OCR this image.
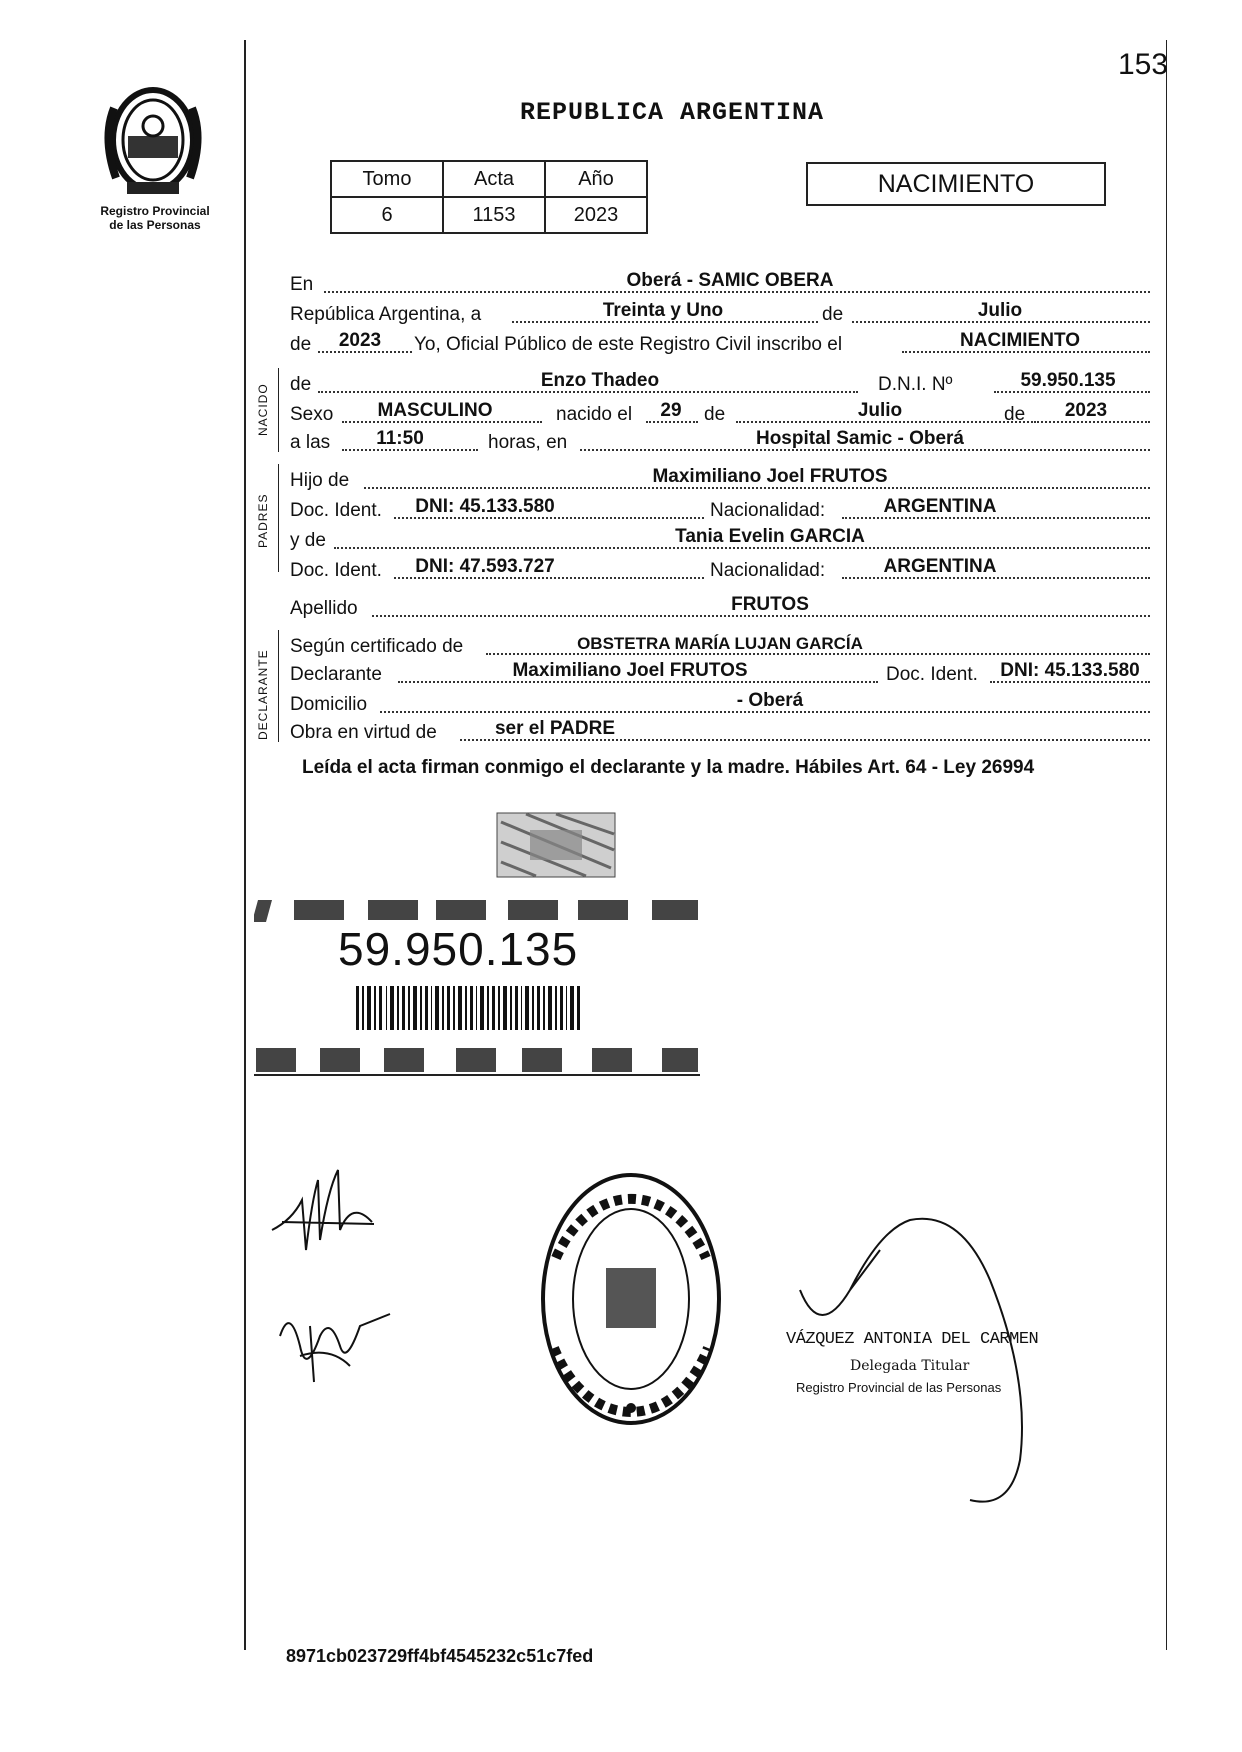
153
Registro Provincial
de las Personas
REPUBLICA ARGENTINA
Tomo	Acta	Año
6	1153	2023
NACIMIENTO
NACIDO
PADRES
DECLARANTE
En	Oberá - SAMIC OBERA
República Argentina, a	Treinta y Uno	de	Julio
de	2023	Yo, Oficial Público de este Registro Civil inscribo el	NACIMIENTO
de	Enzo Thadeo	D.N.I. Nº	59.950.135
Sexo	MASCULINO	nacido el	29	de	Julio	de	2023
a las	11:50	horas, en	Hospital Samic - Oberá
Hijo de	Maximiliano Joel FRUTOS
Doc. Ident.	DNI: 45.133.580	Nacionalidad:	ARGENTINA
y de	Tania Evelin GARCIA
Doc. Ident.	DNI: 47.593.727	Nacionalidad:	ARGENTINA
Apellido	FRUTOS
Según certificado de	OBSTETRA MARÍA LUJAN GARCÍA
Declarante	Maximiliano Joel FRUTOS	Doc. Ident.	DNI: 45.133.580
Domicilio	- Oberá
Obra en virtud de	ser el PADRE
Leída el acta firman conmigo el declarante y la madre. Hábiles Art. 64 - Ley 26994
59.950.135
VÁZQUEZ ANTONIA DEL CARMEN
Delegada Titular
Registro Provincial de las Personas
8971cb023729ff4bf4545232c51c7fed
